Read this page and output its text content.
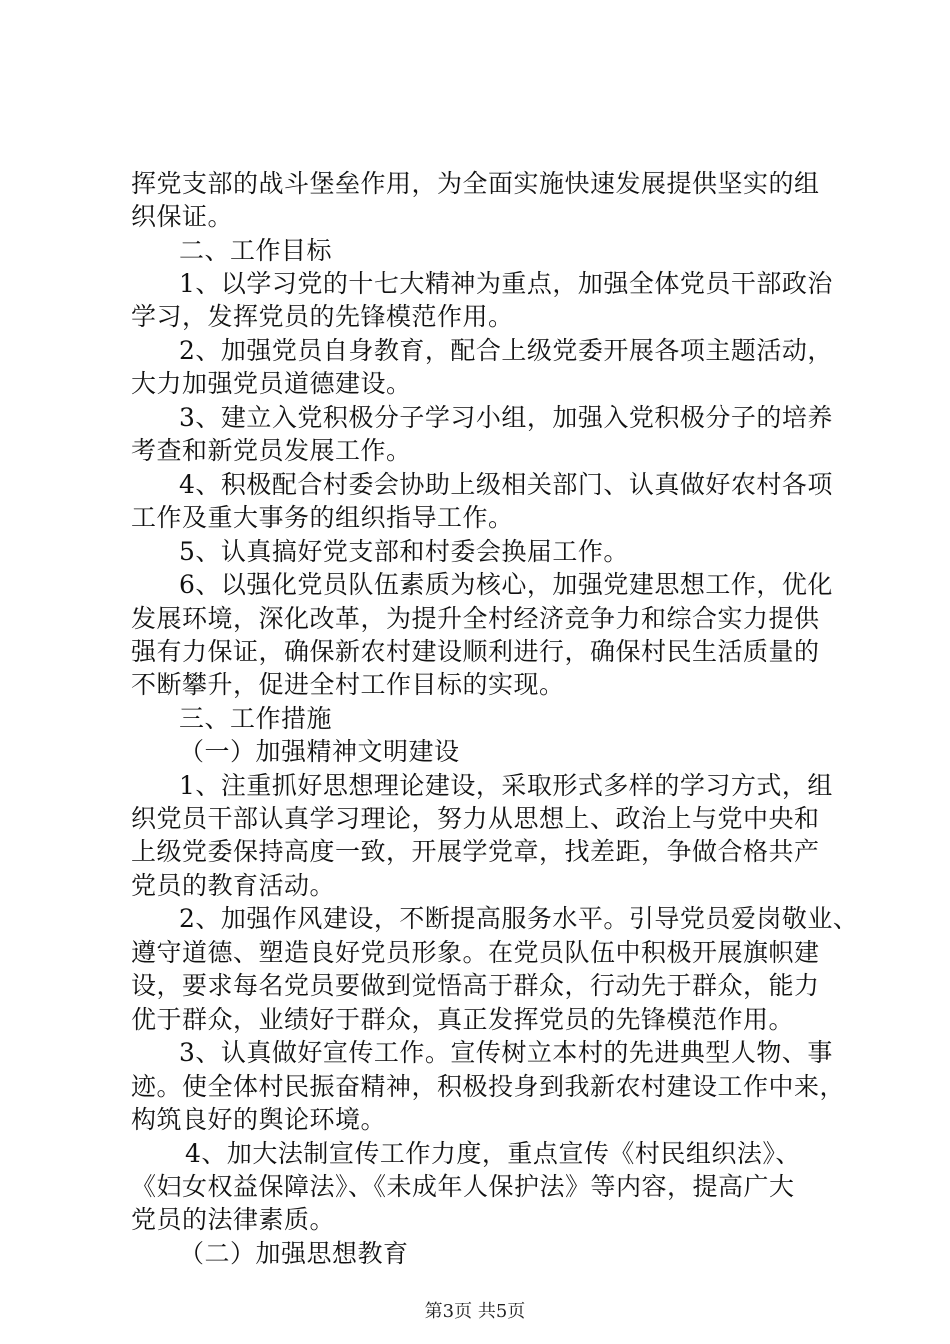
挥党支部的战斗堡垒作用，为全面实施快速发展提供坚实的组
织保证。
二、工作目标
1、以学习党的十七大精神为重点，加强全体党员干部政治
学习，发挥党员的先锋模范作用。
2、加强党员自身教育，配合上级党委开展各项主题活动，
大力加强党员道德建设。
3、建立入党积极分子学习小组，加强入党积极分子的培养
考查和新党员发展工作。
4、积极配合村委会协助上级相关部门、认真做好农村各项
工作及重大事务的组织指导工作。
5、认真搞好党支部和村委会换届工作。
6、以强化党员队伍素质为核心，加强党建思想工作，优化
发展环境，深化改革，为提升全村经济竞争力和综合实力提供
强有力保证，确保新农村建设顺利进行，确保村民生活质量的
不断攀升，促进全村工作目标的实现。
三、工作措施
（一）加强精神文明建设
1、注重抓好思想理论建设，采取形式多样的学习方式，组
织党员干部认真学习理论，努力从思想上、政治上与党中央和
上级党委保持高度一致，开展学党章，找差距，争做合格共产
党员的教育活动。
2、加强作风建设，不断提高服务水平。引导党员爱岗敬业、
遵守道德、塑造良好党员形象。在党员队伍中积极开展旗帜建
设，要求每名党员要做到觉悟高于群众，行动先于群众，能力
优于群众，业绩好于群众，真正发挥党员的先锋模范作用。
3、认真做好宣传工作。宣传树立本村的先进典型人物、事
迹。使全体村民振奋精神，积极投身到我新农村建设工作中来，
构筑良好的舆论环境。
4、加大法制宣传工作力度，重点宣传《村民组织法》、
《妇女权益保障法》、《未成年人保护法》等内容，提高广大
党员的法律素质。
（二）加强思想教育
第3页 共5页
